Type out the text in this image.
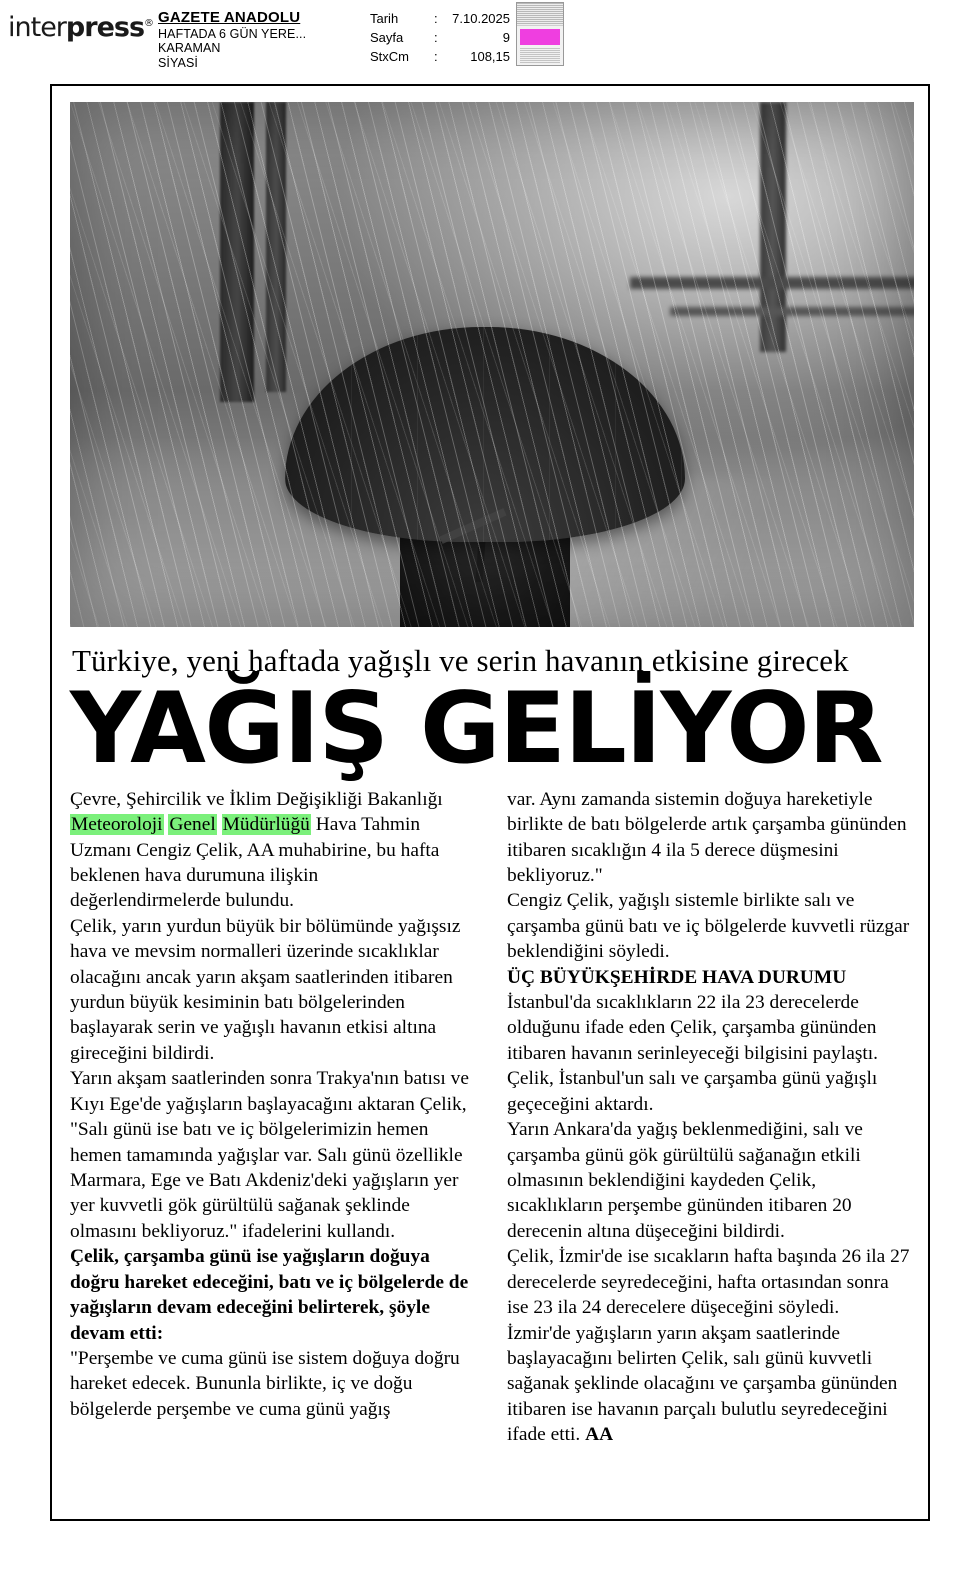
interpress® GAZETE ANADOLU
HAFTADA 6 GÜN YERE...
KARAMAN
SİYASİ
Tarih	:	7.10.2025
Sayfa	:	9
StxCm	:	108,15
Türkiye, yeni haftada yağışlı ve serin havanın etkisine girecek
YAĞIŞ GELİYOR

Çevre, Şehircilik ve İklim Değişikliği Bakanlığı Meteoroloji Genel Müdürlüğü Hava Tahmin Uzmanı Cengiz Çelik, AA muhabirine, bu hafta beklenen hava durumuna ilişkin değerlendirmelerde bulundu.

Çelik, yarın yurdun büyük bir bölümünde yağışsız hava ve mevsim normalleri üzerinde sıcaklıklar olacağını ancak yarın akşam saatlerinden itibaren yurdun büyük kesiminin batı bölgelerinden başlayarak serin ve yağışlı havanın etkisi altına gireceğini bildirdi.

Yarın akşam saatlerinden sonra Trakya'nın batısı ve Kıyı Ege'de yağışların başlayacağını aktaran Çelik, "Salı günü ise batı ve iç bölgelerimizin hemen hemen tamamında yağışlar var. Salı günü özellikle Marmara, Ege ve Batı Akdeniz'deki yağışların yer yer kuvvetli gök gürültülü sağanak şeklinde olmasını bekliyoruz." ifadelerini kullandı.

Çelik, çarşamba günü ise yağışların doğuya doğru hareket edeceğini, batı ve iç bölgelerde de yağışların devam edeceğini belirterek, şöyle devam etti:

"Perşembe ve cuma günü ise sistem doğuya doğru hareket edecek. Bununla birlikte, iç ve doğu bölgelerde perşembe ve cuma günü yağış

var. Aynı zamanda sistemin doğuya hareketiyle birlikte de batı bölgelerde artık çarşamba gününden itibaren sıcaklığın 4 ila 5 derece düşmesini bekliyoruz."

Cengiz Çelik, yağışlı sistemle birlikte salı ve çarşamba günü batı ve iç bölgelerde kuvvetli rüzgar beklendiğini söyledi.

ÜÇ BÜYÜKŞEHİRDE HAVA DURUMU

İstanbul'da sıcaklıkların 22 ila 23 derecelerde olduğunu ifade eden Çelik, çarşamba gününden itibaren havanın serinleyeceği bilgisini paylaştı.

Çelik, İstanbul'un salı ve çarşamba günü yağışlı geçeceğini aktardı.

Yarın Ankara'da yağış beklenmediğini, salı ve çarşamba günü gök gürültülü sağanağın etkili olmasının beklendiğini kaydeden Çelik, sıcaklıkların perşembe gününden itibaren 20 derecenin altına düşeceğini bildirdi.

Çelik, İzmir'de ise sıcakların hafta başında 26 ila 27 derecelerde seyredeceğini, hafta ortasından sonra ise 23 ila 24 derecelere düşeceğini söyledi.

İzmir'de yağışların yarın akşam saatlerinde başlayacağını belirten Çelik, salı günü kuvvetli sağanak şeklinde olacağını ve çarşamba gününden itibaren ise havanın parçalı bulutlu seyredeceğini ifade etti. AA
